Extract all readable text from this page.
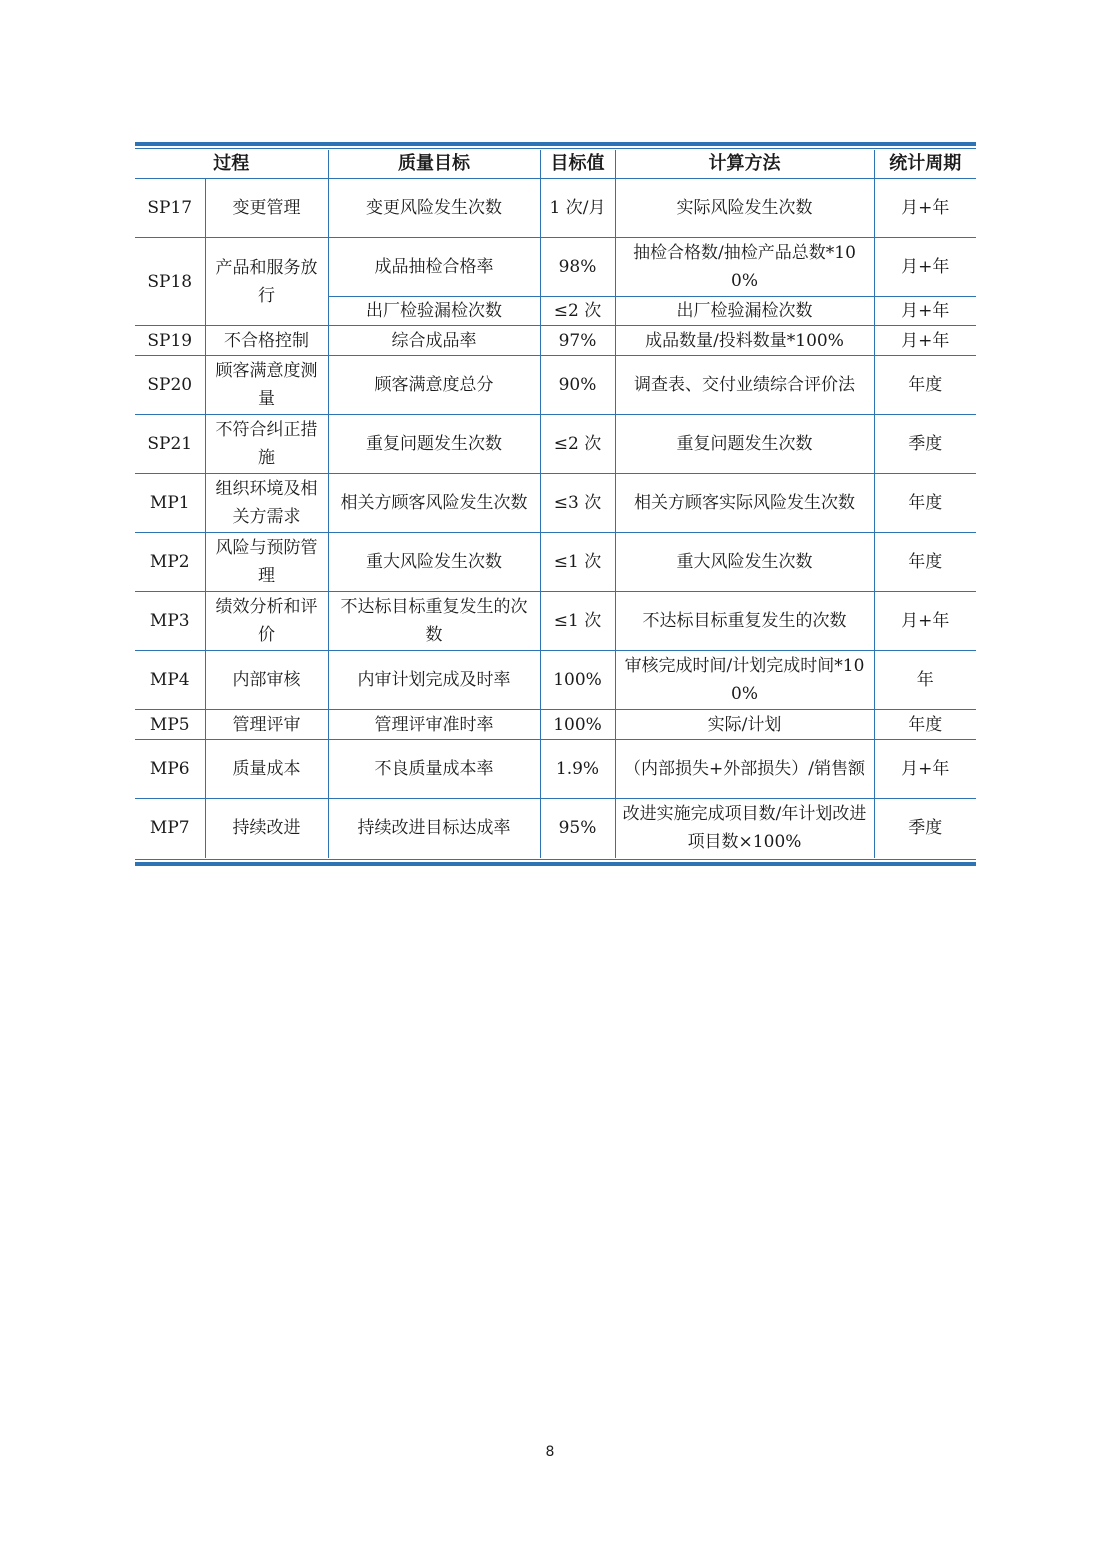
过程		质量目标	目标值	计算方法	统计周期
SP17	变更管理	变更风险发生次数	1 次/月	实际风险发生次数	月+年
SP18	产品和服务放行	成品抽检合格率	98%	抽检合格数/抽检产品总数*100%	月+年
		出厂检验漏检次数	≤2 次	出厂检验漏检次数	月+年
SP19	不合格控制	综合成品率	97%	成品数量/投料数量*100%	月+年
SP20	顾客满意度测量	顾客满意度总分	90%	调查表、交付业绩综合评价法	年度
SP21	不符合纠正措施	重复问题发生次数	≤2 次	重复问题发生次数	季度
MP1	组织环境及相关方需求	相关方顾客风险发生次数	≤3 次	相关方顾客实际风险发生次数	年度
MP2	风险与预防管理	重大风险发生次数	≤1 次	重大风险发生次数	年度
MP3	绩效分析和评价	不达标目标重复发生的次数	≤1 次	不达标目标重复发生的次数	月+年
MP4	内部审核	内审计划完成及时率	100%	审核完成时间/计划完成时间*100%	年
MP5	管理评审	管理评审准时率	100%	实际/计划	年度
MP6	质量成本	不良质量成本率	1.9%	（内部损失+外部损失）/销售额	月+年
MP7	持续改进	持续改进目标达成率	95%	改进实施完成项目数/年计划改进项目数×100%	季度
8
